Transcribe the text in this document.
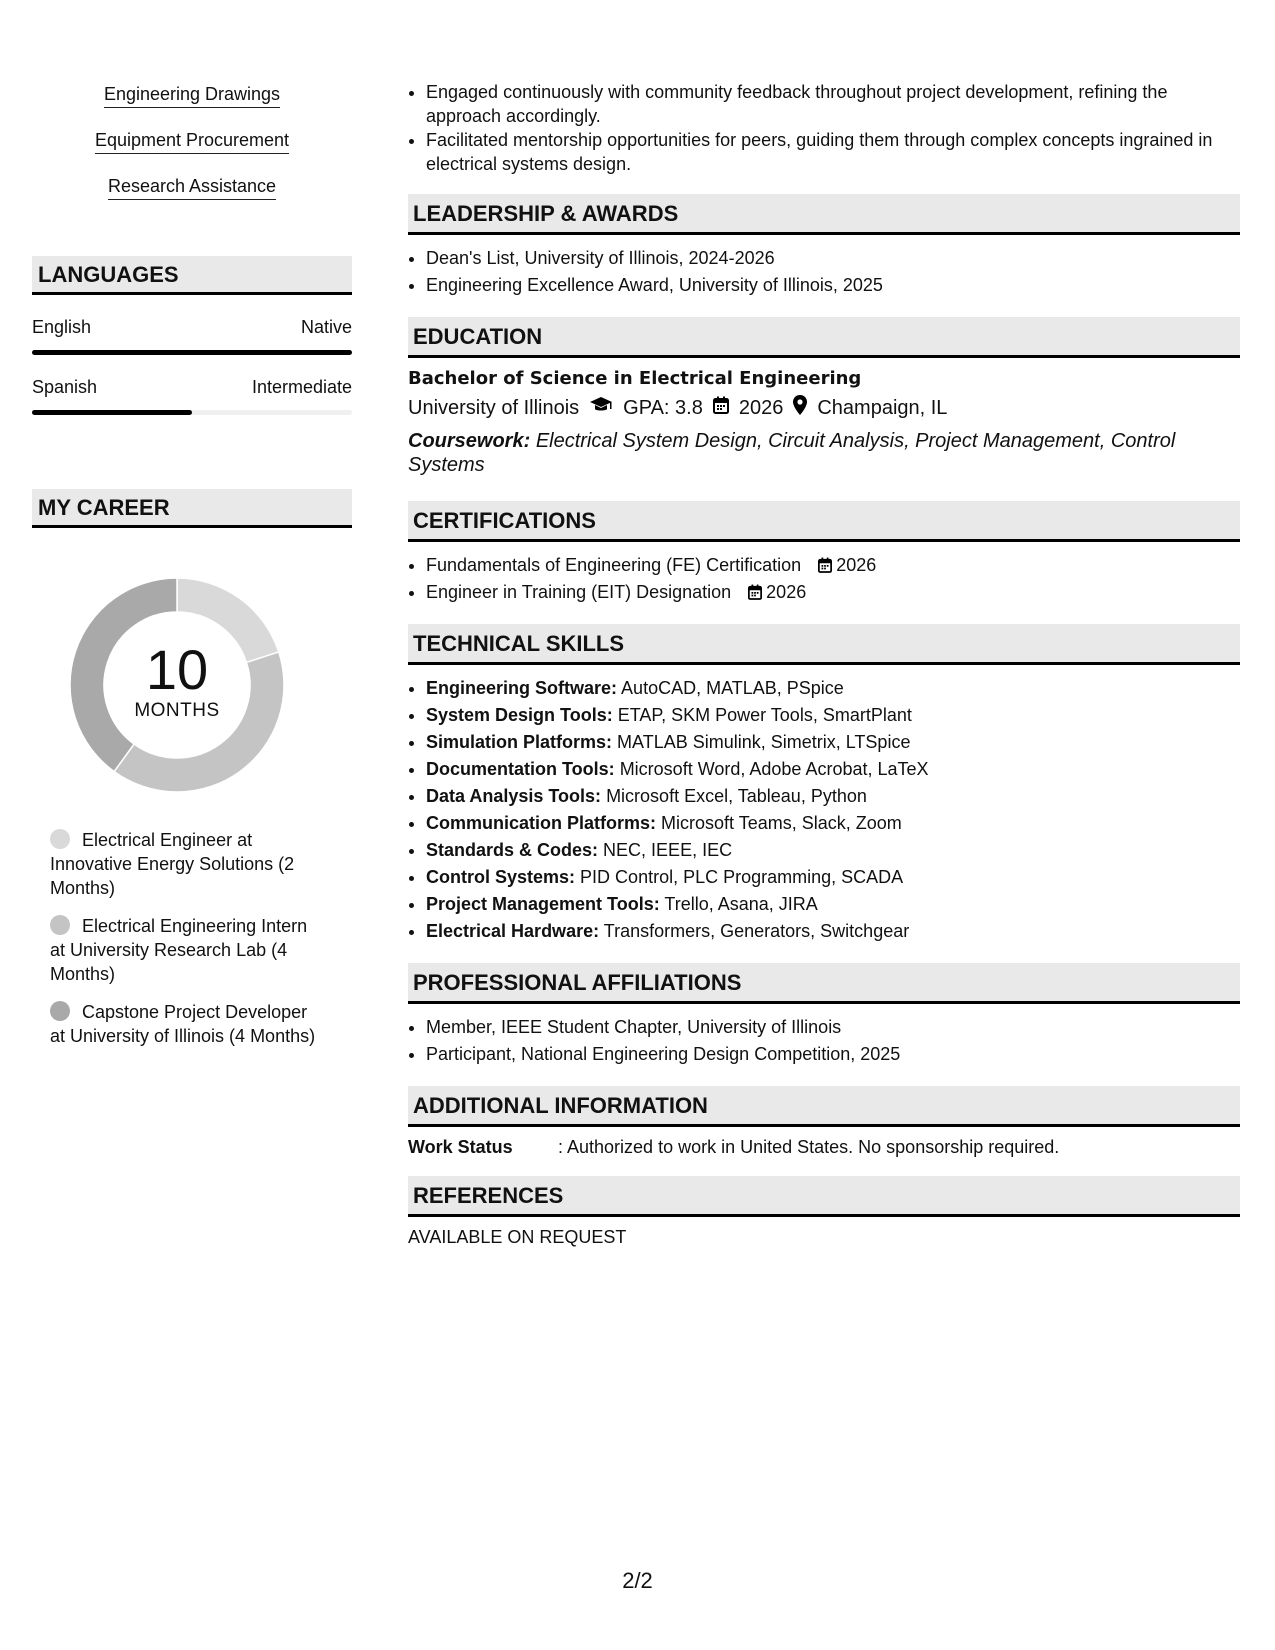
Engineering Drawings
Equipment Procurement
Research Assistance
LANGUAGES
English	Native
Spanish	Intermediate
MY CAREER
10
MONTHS
Electrical Engineer at Innovative Energy Solutions (2 Months)
Electrical Engineering Intern at University Research Lab (4 Months)
Capstone Project Developer at University of Illinois (4 Months)
• Engaged continuously with community feedback throughout project development, refining the approach accordingly.
• Facilitated mentorship opportunities for peers, guiding them through complex concepts ingrained in electrical systems design.
LEADERSHIP & AWARDS
• Dean's List, University of Illinois, 2024-2026
• Engineering Excellence Award, University of Illinois, 2025
EDUCATION
Bachelor of Science in Electrical Engineering
University of Illinois GPA: 3.8 2026 Champaign, IL
Coursework: Electrical System Design, Circuit Analysis, Project Management, Control Systems
CERTIFICATIONS
• Fundamentals of Engineering (FE) Certification 2026
• Engineer in Training (EIT) Designation 2026
TECHNICAL SKILLS
• Engineering Software: AutoCAD, MATLAB, PSpice
• System Design Tools: ETAP, SKM Power Tools, SmartPlant
• Simulation Platforms: MATLAB Simulink, Simetrix, LTSpice
• Documentation Tools: Microsoft Word, Adobe Acrobat, LaTeX
• Data Analysis Tools: Microsoft Excel, Tableau, Python
• Communication Platforms: Microsoft Teams, Slack, Zoom
• Standards & Codes: NEC, IEEE, IEC
• Control Systems: PID Control, PLC Programming, SCADA
• Project Management Tools: Trello, Asana, JIRA
• Electrical Hardware: Transformers, Generators, Switchgear
PROFESSIONAL AFFILIATIONS
• Member, IEEE Student Chapter, University of Illinois
• Participant, National Engineering Design Competition, 2025
ADDITIONAL INFORMATION
Work Status	: Authorized to work in United States. No sponsorship required.
REFERENCES
AVAILABLE ON REQUEST
2/2
